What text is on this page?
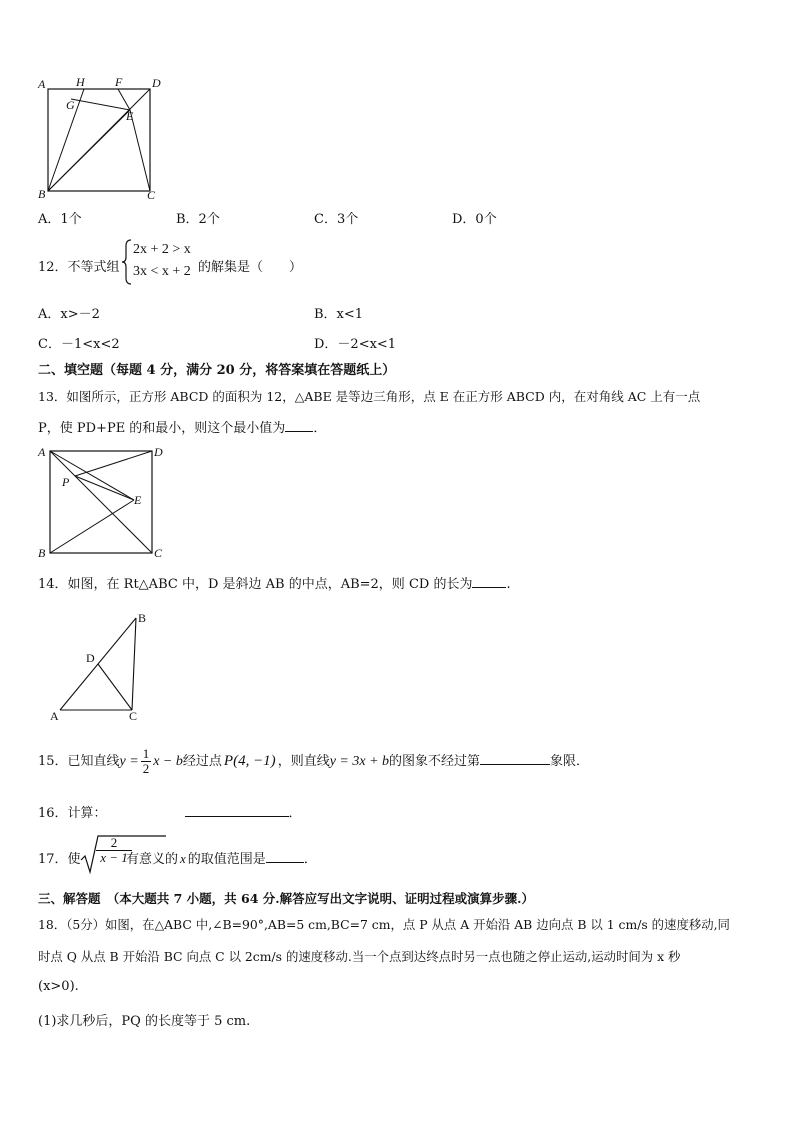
A	H	F D
G
E
B	C
A．1个	B．2个	C．3个	D．0个
12．不等式组
2x + 2 > x
3x < x + 2 的解集是（　　）
A．x>－2	B．x<1
C．－1<x<2	D．－2<x<1
二、填空题（每题 4 分，满分 20 分，将答案填在答题纸上）
13．如图所示，正方形 ABCD 的面积为 12，△ABE 是等边三角形，点 E 在正方形 ABCD 内，在对角线 AC 上有一点
P，使 PD+PE 的和最小，则这个最小值为 ．
A	D
P
E
B	C
14．如图，在 Rt△ABC 中，D 是斜边 AB 的中点，AB=2，则 CD 的长为	.
B
D
A	C
15．已知直线$y = \frac{1}{2}$ x − b经过点 P(4, −1) ，则直线y = 3x + b的图象不经过第	象限．
16．计算：	．
17．使 $\frac{2}{x - 1}$
有意义的 x 的取值范围是	．
三、解答题　（本大题共 7 小题，共 64 分.解答应写出文字说明、证明过程或演算步骤.）
18．（5分）如图，在△ABC 中,∠B=90°,AB=5 cm,BC=7 cm，点 P 从点 A 开始沿 AB 边向点 B 以 1 cm/s 的速度移动,同
时点 Q 从点 B 开始沿 BC 向点 C 以 2cm/s 的速度移动.当一个点到达终点时另一点也随之停止运动,运动时间为 x 秒
(x>0).
(1)求几秒后，PQ 的长度等于 5 cm.
